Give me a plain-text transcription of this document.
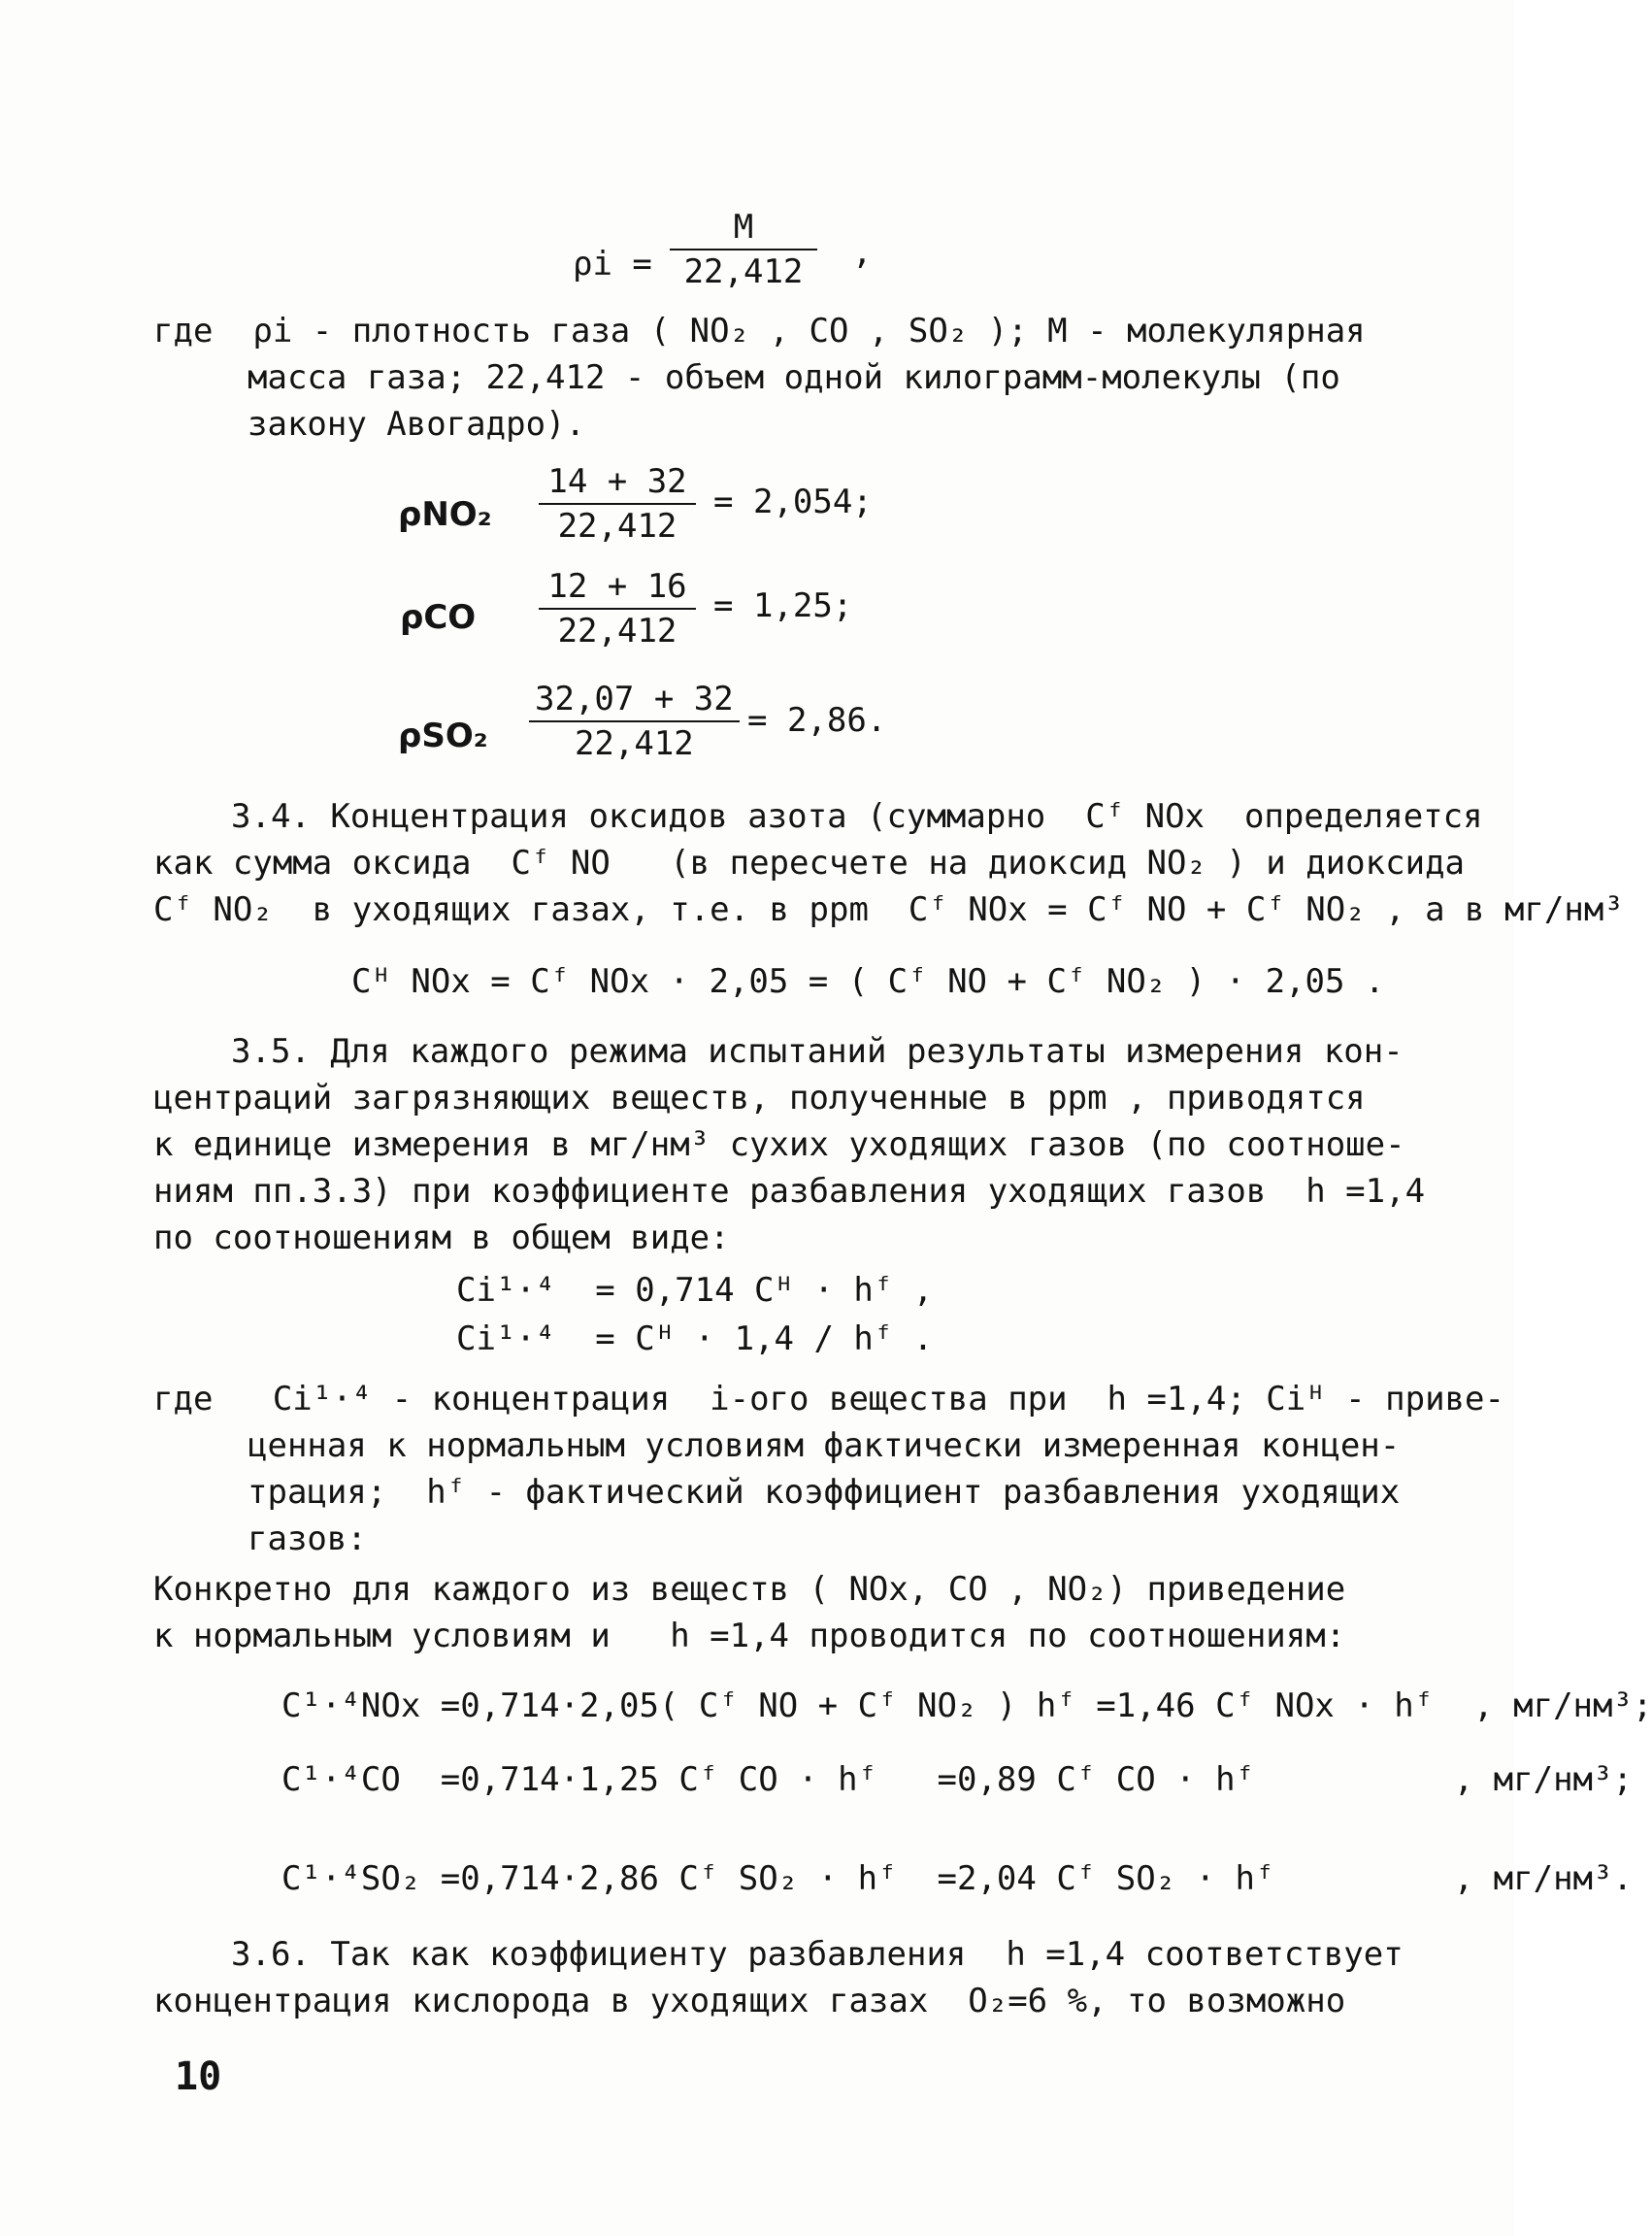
$\rho i = \frac{M}{22,412}$ ,
где  ρi - плотность газа ( NO₂ , CO , SO₂ ); М - молекулярная
масса газа; 22,412 - объем одной килограмм-молекулы (по
закону Авогадро).
$\rho NO_2 \frac{14 + 32}{22,412} = 2,054$;
ρCO $\frac{12 + 16}{22,412} = 1,25$;
$\rho SO_2 \frac{32,07 + 32}{22,412} = 2,86$.
3.4. Концентрация оксидов азота (суммарно  Cᶠ NOx  определяется
как сумма оксида  Cᶠ NO   (в пересчете на диоксид NO₂ ) и диоксида
Cᶠ NO₂  в уходящих газах, т.е. в ppm  Cᶠ NOx = Cᶠ NO + Cᶠ NO₂ , а в мг/нм³
Cᴴ NOx = Cᶠ NOx · 2,05 = ( Cᶠ NO + Cᶠ NO₂ ) · 2,05 .
3.5. Для каждого режима испытаний результаты измерения кон-
центраций загрязняющих веществ, полученные в ppm , приводятся
к единице измерения в мг/нм³ сухих уходящих газов (по соотноше-
ниям пп.3.3) при коэффициенте разбавления уходящих газов  h =1,4
по соотношениям в общем виде:
Ci¹·⁴  = 0,714 Cᴴ · hᶠ ,
Ci¹·⁴  = Cᴴ · 1,4 / hᶠ .
где   Ci¹·⁴ - концентрация  i-ого вещества при  h =1,4; Ciᴴ - приве-
ценная к нормальным условиям фактически измеренная концен-
трация;  hᶠ - фактический коэффициент разбавления уходящих
газов:
Конкретно для каждого из веществ ( NOx, CO , NO₂) приведение
к нормальным условиям и   h =1,4 проводится по соотношениям:
C¹·⁴NOx =0,714·2,05( Cᶠ NO + Cᶠ NO₂ ) hᶠ =1,46 Cᶠ NOx · hᶠ  , мг/нм³;
C¹·⁴CO  =0,714·1,25 Cᶠ CO · hᶠ   =0,89 Cᶠ CO · hᶠ          , мг/нм³;
C¹·⁴SO₂ =0,714·2,86 Cᶠ SO₂ · hᶠ  =2,04 Cᶠ SO₂ · hᶠ         , мг/нм³.
3.6. Так как коэффициенту разбавления  h =1,4 соответствует
концентрация кислорода в уходящих газах  O₂=6 %, то возможно
10
